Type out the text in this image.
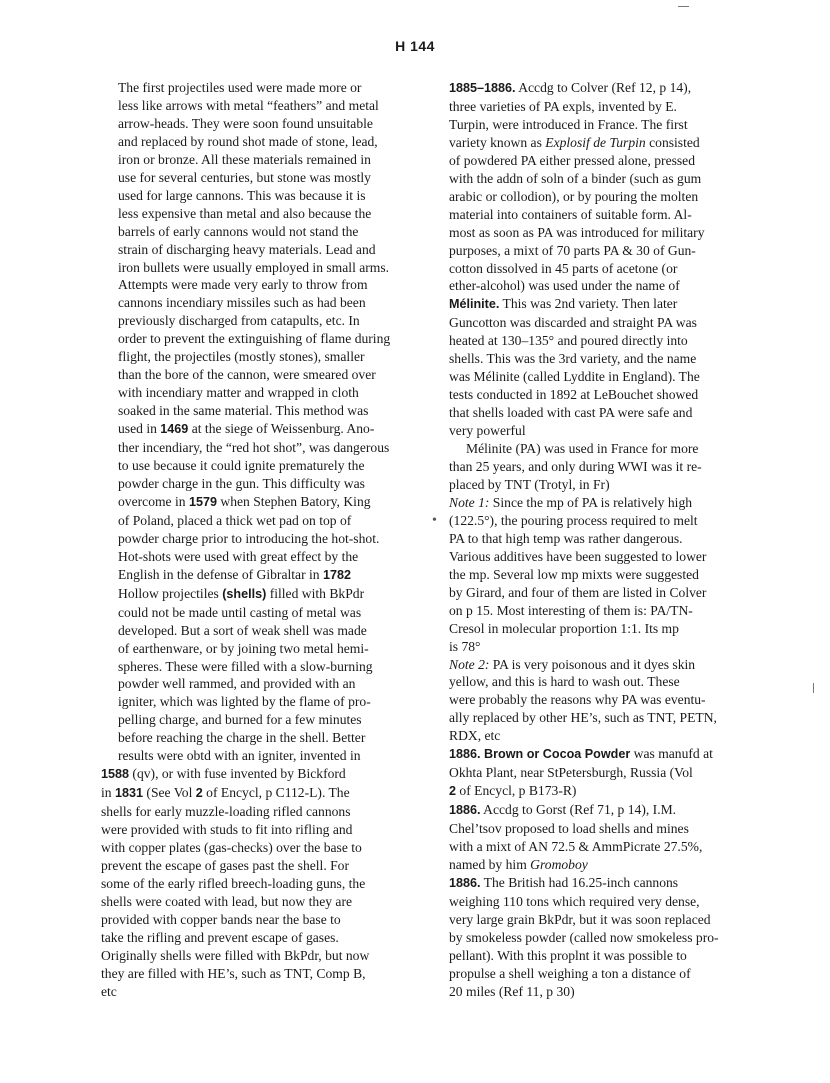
•
H 144
The first projectiles used were made more or
less like arrows with metal “feathers” and metal
arrow-heads. They were soon found unsuitable
and replaced by round shot made of stone, lead,
iron or bronze. All these materials remained in
use for several centuries, but stone was mostly
used for large cannons. This was because it is
less expensive than metal and also because the
barrels of early cannons would not stand the
strain of discharging heavy materials. Lead and
iron bullets were usually employed in small arms.
Attempts were made very early to throw from
cannons incendiary missiles such as had been
previously discharged from catapults, etc. In
order to prevent the extinguishing of flame during
flight, the projectiles (mostly stones), smaller
than the bore of the cannon, were smeared over
with incendiary matter and wrapped in cloth
soaked in the same material. This method was
used in 1469 at the siege of Weissenburg. Ano-
ther incendiary, the “red hot shot”, was dangerous
to use because it could ignite prematurely the
powder charge in the gun. This difficulty was
overcome in 1579 when Stephen Batory, King
of Poland, placed a thick wet pad on top of
powder charge prior to introducing the hot-shot.
Hot-shots were used with great effect by the
English in the defense of Gibraltar in 1782
Hollow projectiles (shells) filled with BkPdr
could not be made until casting of metal was
developed. But a sort of weak shell was made
of earthenware, or by joining two metal hemi-
spheres. These were filled with a slow-burning
powder well rammed, and provided with an
igniter, which was lighted by the flame of pro-
pelling charge, and burned for a few minutes
before reaching the charge in the shell. Better
results were obtd with an igniter, invented in
1588 (qv), or with fuse invented by Bickford
in 1831 (See Vol 2 of Encycl, p C112-L). The
shells for early muzzle-loading rifled cannons
were provided with studs to fit into rifling and
with copper plates (gas-checks) over the base to
prevent the escape of gases past the shell. For
some of the early rifled breech-loading guns, the
shells were coated with lead, but now they are
provided with copper bands near the base to
take the rifling and prevent escape of gases.
Originally shells were filled with BkPdr, but now
they are filled with HE’s, such as TNT, Comp B,
etc
1885–1886. Accdg to Colver (Ref 12, p 14),
three varieties of PA expls, invented by E.
Turpin, were introduced in France. The first
variety known as Explosif de Turpin consisted
of powdered PA either pressed alone, pressed
with the addn of soln of a binder (such as gum
arabic or collodion), or by pouring the molten
material into containers of suitable form. Al-
most as soon as PA was introduced for military
purposes, a mixt of 70 parts PA & 30 of Gun-
cotton dissolved in 45 parts of acetone (or
ether-alcohol) was used under the name of
Mélinite. This was 2nd variety. Then later
Guncotton was discarded and straight PA was
heated at 130–135° and poured directly into
shells. This was the 3rd variety, and the name
was Mélinite (called Lyddite in England). The
tests conducted in 1892 at LeBouchet showed
that shells loaded with cast PA were safe and
very powerful
Mélinite (PA) was used in France for more
than 25 years, and only during WWI was it re-
placed by TNT (Trotyl, in Fr)
Note 1: Since the mp of PA is relatively high
(122.5°), the pouring process required to melt
PA to that high temp was rather dangerous.
Various additives have been suggested to lower
the mp. Several low mp mixts were suggested
by Girard, and four of them are listed in Colver
on p 15. Most interesting of them is: PA/TN-
Cresol in molecular proportion 1:1. Its mp
is 78°
Note 2: PA is very poisonous and it dyes skin
yellow, and this is hard to wash out. These
were probably the reasons why PA was eventu-
ally replaced by other HE’s, such as TNT, PETN,
RDX, etc
1886. Brown or Cocoa Powder was manufd at
Okhta Plant, near StPetersburgh, Russia (Vol
2 of Encycl, p B173-R)
1886. Accdg to Gorst (Ref 71, p 14), I.M.
Chel’tsov proposed to load shells and mines
with a mixt of AN 72.5 & AmmPicrate 27.5%,
named by him Gromoboy
1886. The British had 16.25-inch cannons
weighing 110 tons which required very dense,
very large grain BkPdr, but it was soon replaced
by smokeless powder (called now smokeless pro-
pellant). With this proplnt it was possible to
propulse a shell weighing a ton a distance of
20 miles (Ref 11, p 30)
